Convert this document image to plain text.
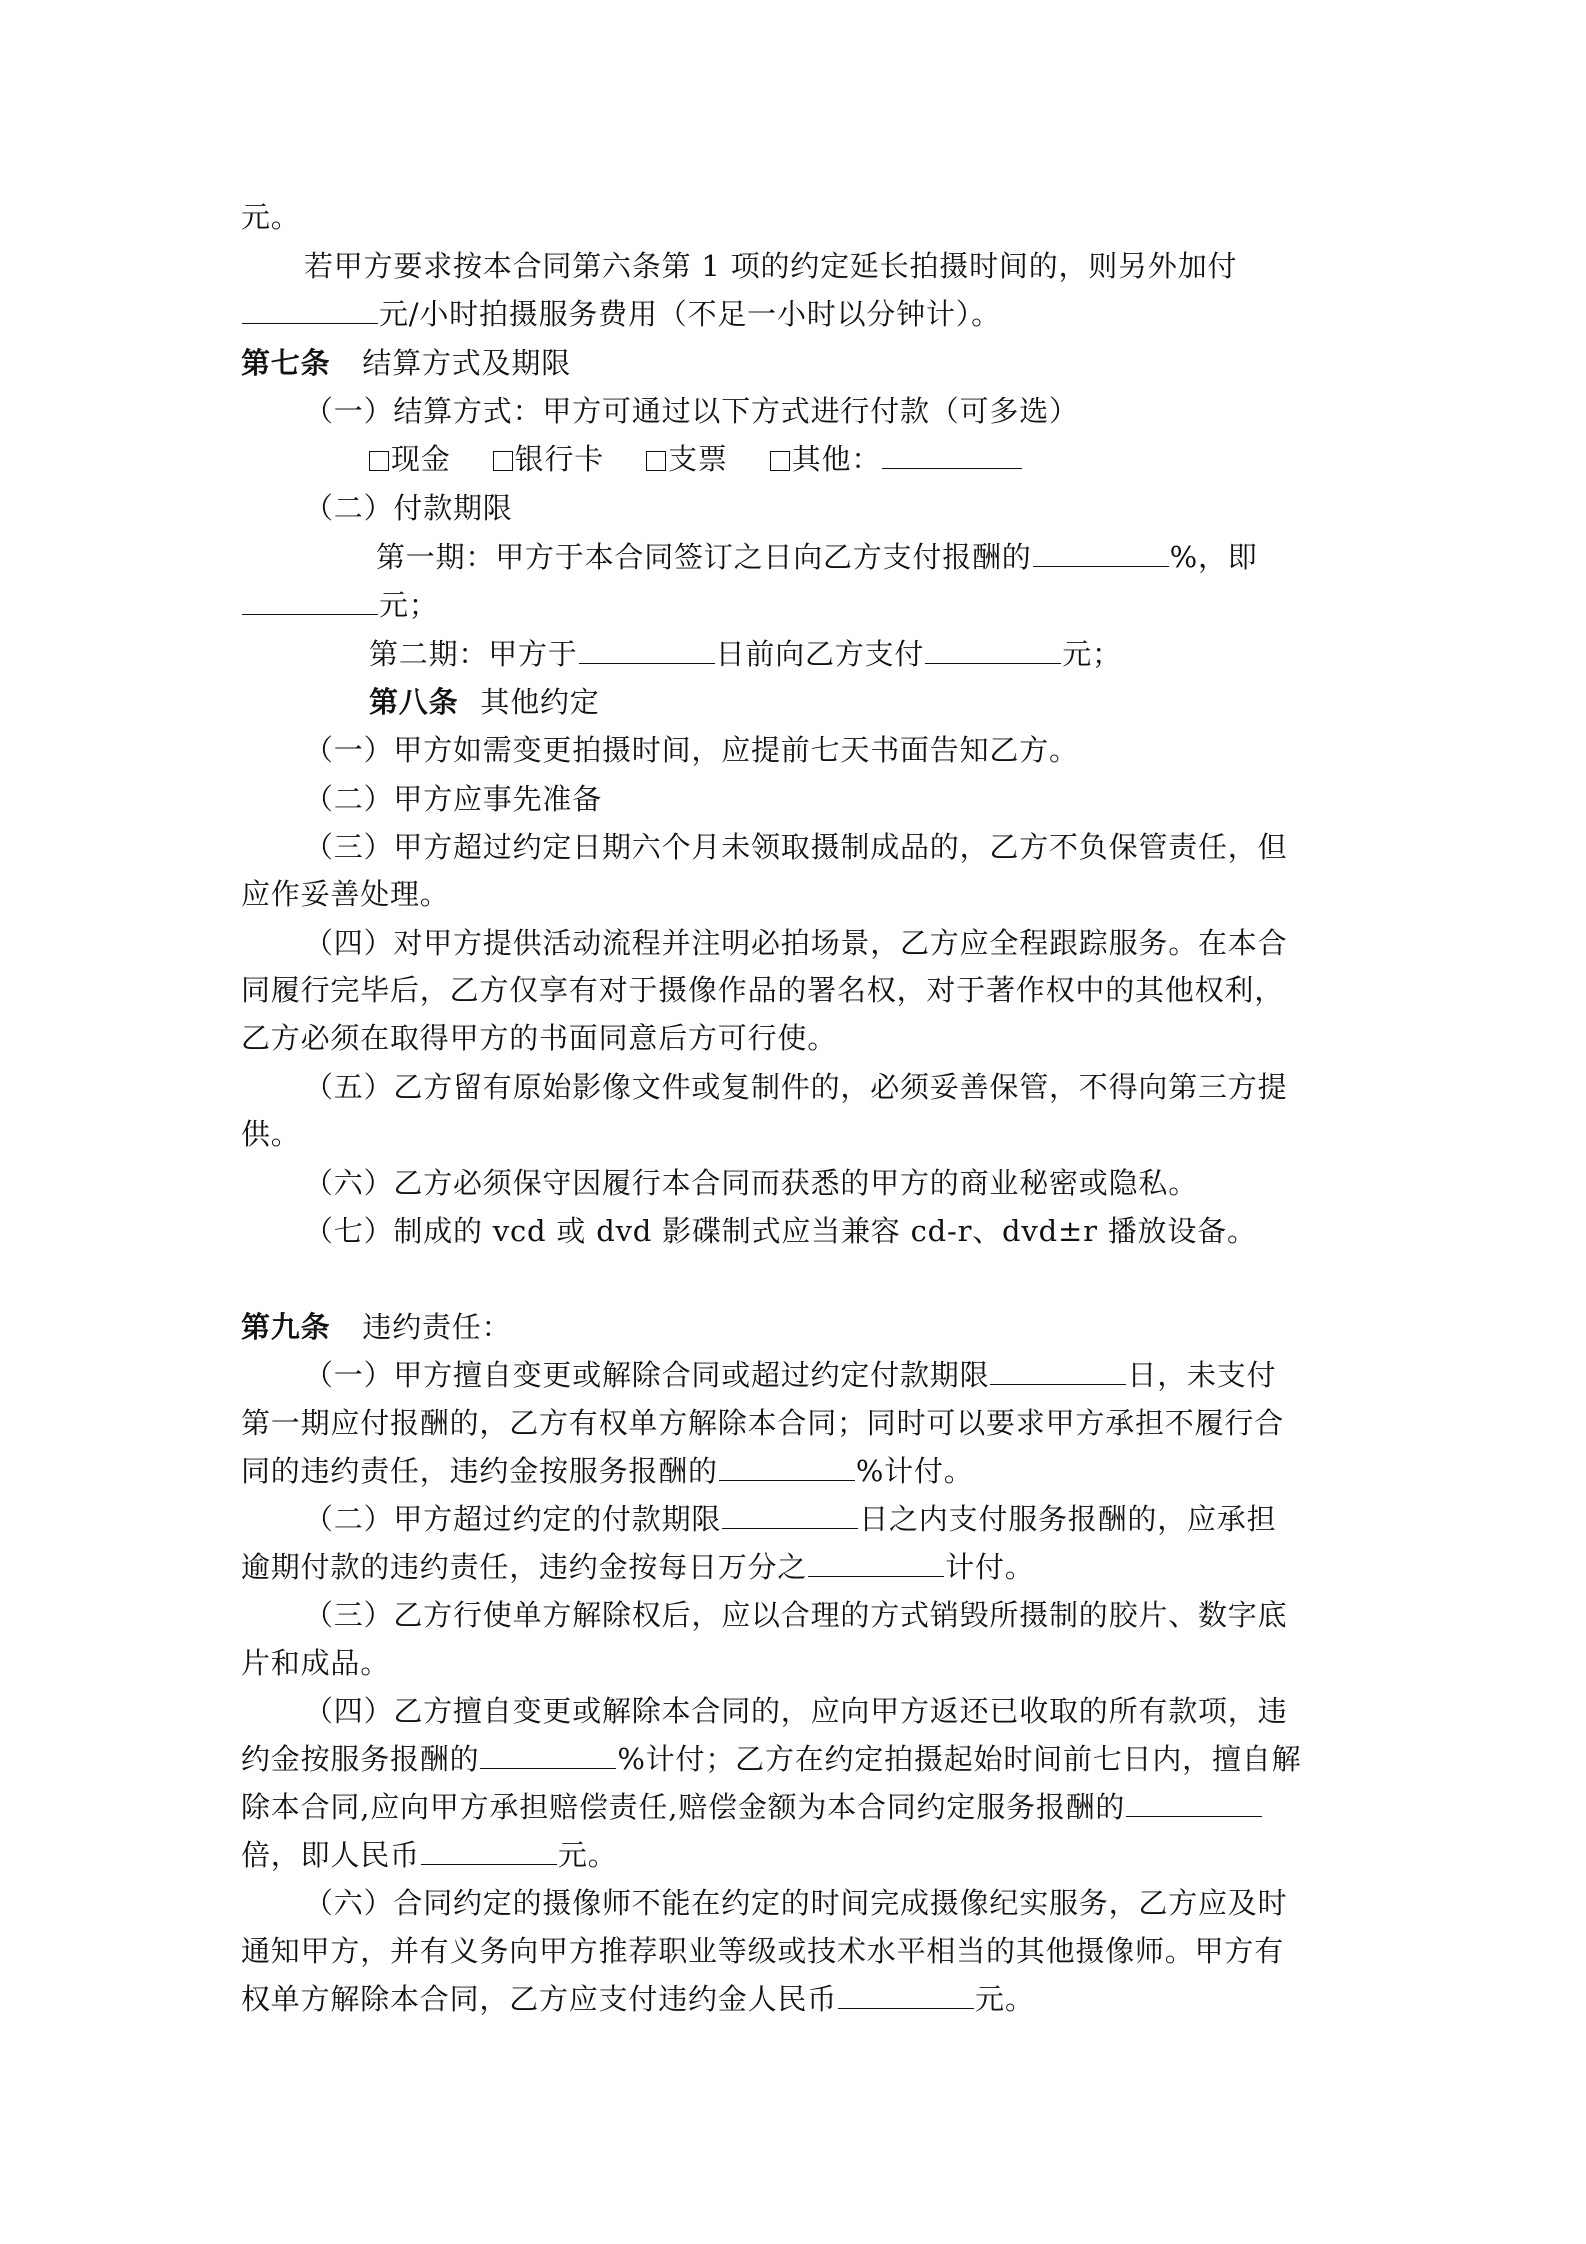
元。
若甲方要求按本合同第六条第 1 项的约定延长拍摄时间的，则另外加付
元/小时拍摄服务费用（不足一小时以分钟计）。
第七条 结算方式及期限
（一）结算方式：甲方可通过以下方式进行付款（可多选）
现金 银行卡 支票 其他：
（二）付款期限
第一期：甲方于本合同签订之日向乙方支付报酬的	%，即
元；
第二期：甲方于	日前向乙方支付	元；
第八条 其他约定
（一）甲方如需变更拍摄时间，应提前七天书面告知乙方。
（二）甲方应事先准备
（三）甲方超过约定日期六个月未领取摄制成品的，乙方不负保管责任，但
应作妥善处理。
（四）对甲方提供活动流程并注明必拍场景，乙方应全程跟踪服务。在本合
同履行完毕后，乙方仅享有对于摄像作品的署名权，对于著作权中的其他权利，
乙方必须在取得甲方的书面同意后方可行使。
（五）乙方留有原始影像文件或复制件的，必须妥善保管，不得向第三方提
供。
（六）乙方必须保守因履行本合同而获悉的甲方的商业秘密或隐私。
（七）制成的 vcd 或 dvd 影碟制式应当兼容 cd-r、dvd±r 播放设备。
第九条 违约责任：
（一）甲方擅自变更或解除合同或超过约定付款期限	日，未支付
第一期应付报酬的，乙方有权单方解除本合同；同时可以要求甲方承担不履行合
同的违约责任，违约金按服务报酬的	%计付。
（二）甲方超过约定的付款期限	日之内支付服务报酬的，应承担
逾期付款的违约责任，违约金按每日万分之	计付。
（三）乙方行使单方解除权后，应以合理的方式销毁所摄制的胶片、数字底
片和成品。
（四）乙方擅自变更或解除本合同的，应向甲方返还已收取的所有款项，违
约金按服务报酬的	%计付；乙方在约定拍摄起始时间前七日内，擅自解
除本合同,应向甲方承担赔偿责任,赔偿金额为本合同约定服务报酬的
倍，即人民币	元。
（六）合同约定的摄像师不能在约定的时间完成摄像纪实服务，乙方应及时
通知甲方，并有义务向甲方推荐职业等级或技术水平相当的其他摄像师。甲方有
权单方解除本合同，乙方应支付违约金人民币	元。
